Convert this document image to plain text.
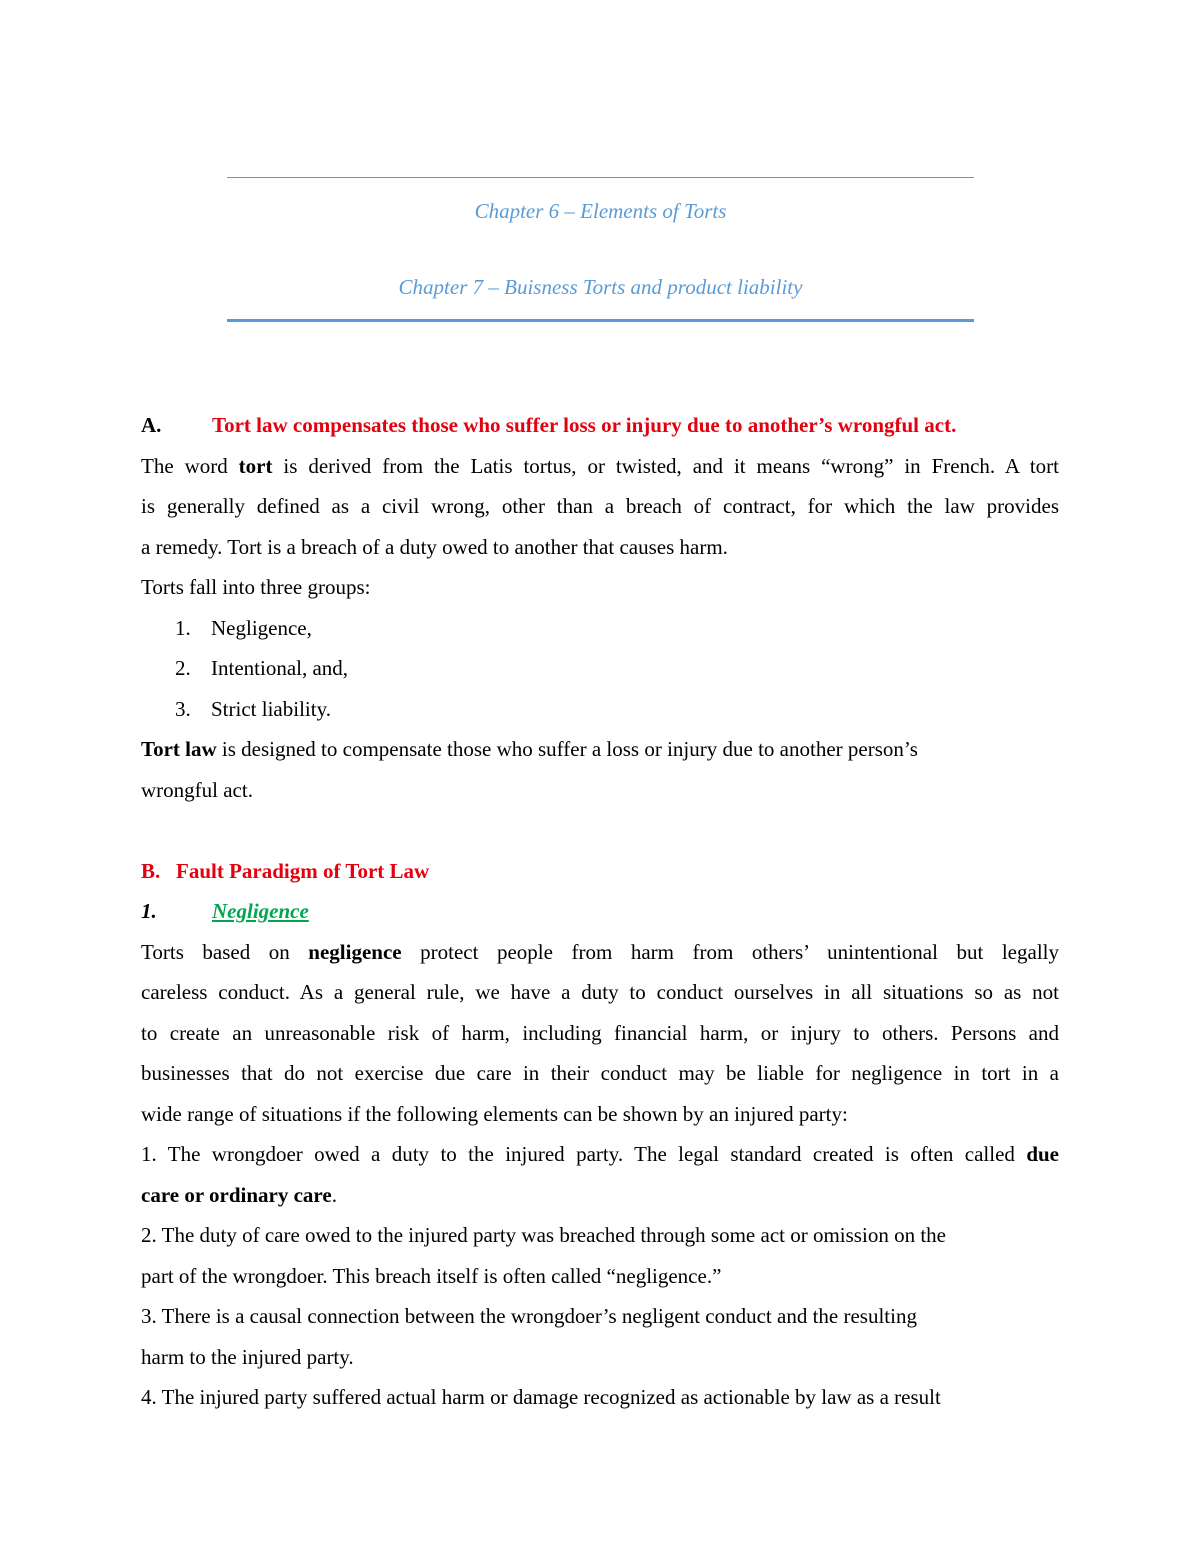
Chapter 6 – Elements of Torts
Chapter 7 – Buisness Torts and product liability
A. Tort law compensates those who suffer loss or injury due to another’s wrongful act.
The word tort is derived from the Latis tortus, or twisted, and it means “wrong” in French. A tort
is generally defined as a civil wrong, other than a breach of contract, for which the law provides
a remedy. Tort is a breach of a duty owed to another that causes harm.
Torts fall into three groups:
1. Negligence,
2. Intentional, and,
3. Strict liability.
Tort law is designed to compensate those who suffer a loss or injury due to another person’s
wrongful act.
B.   Fault Paradigm of Tort Law
1.	Negligence
Torts based on negligence protect people from harm from others’ unintentional but legally
careless conduct. As a general rule, we have a duty to conduct ourselves in all situations so as not
to create an unreasonable risk of harm, including financial harm, or injury to others. Persons and
businesses that do not exercise due care in their conduct may be liable for negligence in tort in a
wide range of situations if the following elements can be shown by an injured party:
1. The wrongdoer owed a duty to the injured party. The legal standard created is often called due
care or ordinary care.
2. The duty of care owed to the injured party was breached through some act or omission on the
part of the wrongdoer. This breach itself is often called “negligence.”
3. There is a causal connection between the wrongdoer’s negligent conduct and the resulting
harm to the injured party.
4. The injured party suffered actual harm or damage recognized as actionable by law as a result
